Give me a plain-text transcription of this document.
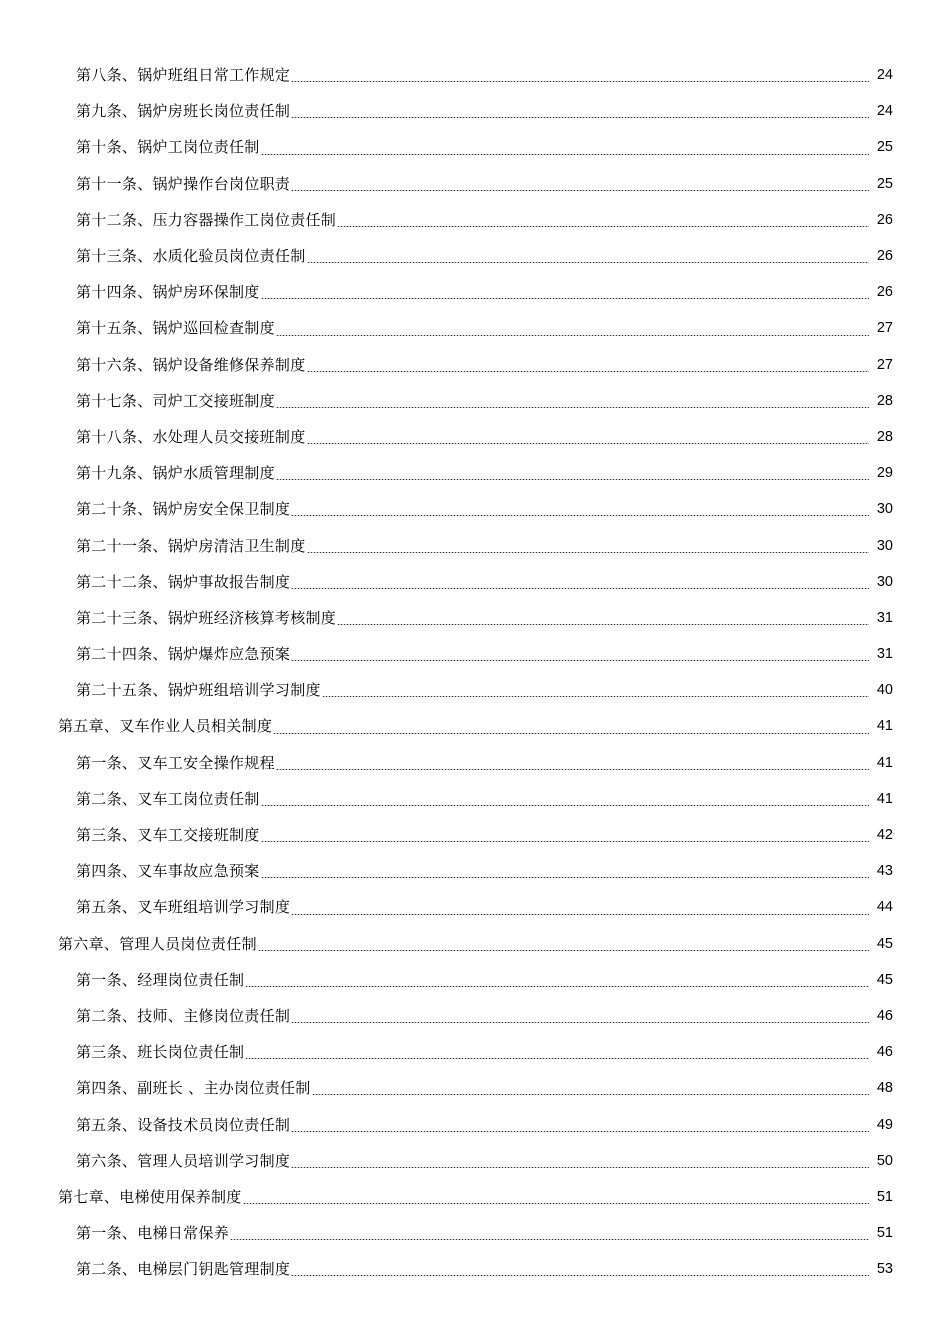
第八条、锅炉班组日常工作规定	24
第九条、锅炉房班长岗位责任制	24
第十条、锅炉工岗位责任制	25
第十一条、锅炉操作台岗位职责	25
第十二条、压力容器操作工岗位责任制	26
第十三条、水质化验员岗位责任制	26
第十四条、锅炉房环保制度	26
第十五条、锅炉巡回检查制度	27
第十六条、锅炉设备维修保养制度	27
第十七条、司炉工交接班制度	28
第十八条、水处理人员交接班制度	28
第十九条、锅炉水质管理制度	29
第二十条、锅炉房安全保卫制度	30
第二十一条、锅炉房清洁卫生制度	30
第二十二条、锅炉事故报告制度	30
第二十三条、锅炉班经济核算考核制度	31
第二十四条、锅炉爆炸应急预案	31
第二十五条、锅炉班组培训学习制度	40
第五章、叉车作业人员相关制度	41
第一条、叉车工安全操作规程	41
第二条、叉车工岗位责任制	41
第三条、叉车工交接班制度	42
第四条、叉车事故应急预案	43
第五条、叉车班组培训学习制度	44
第六章、管理人员岗位责任制	45
第一条、经理岗位责任制	45
第二条、技师、主修岗位责任制	46
第三条、班长岗位责任制	46
第四条、副班长 、主办岗位责任制	48
第五条、设备技术员岗位责任制	49
第六条、管理人员培训学习制度	50
第七章、电梯使用保养制度	51
第一条、电梯日常保养	51
第二条、电梯层门钥匙管理制度	53
